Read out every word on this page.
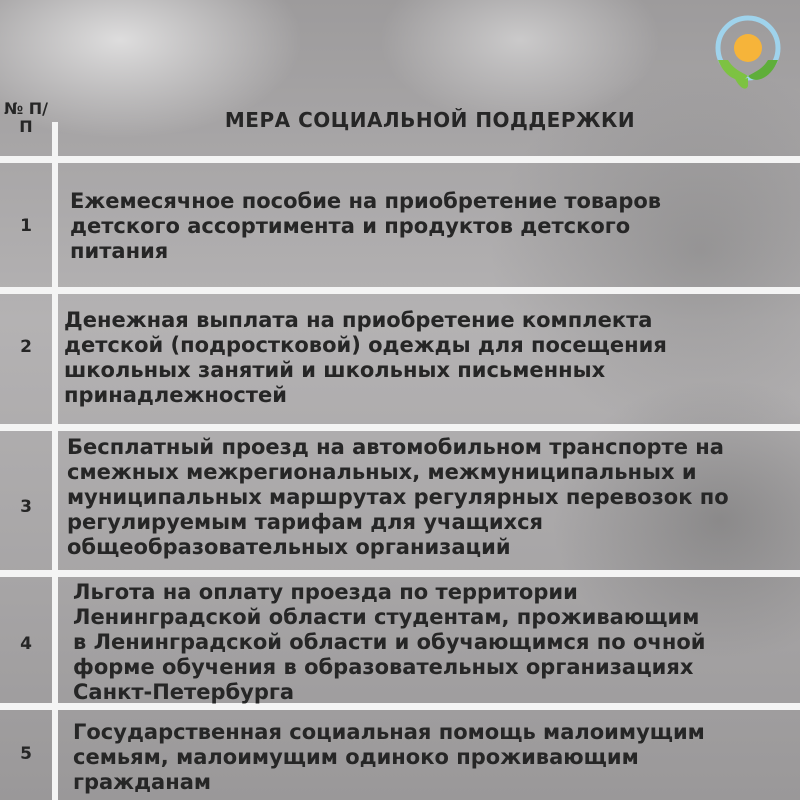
№ П/П	МЕРА СОЦИАЛЬНОЙ ПОДДЕРЖКИ
1
Ежемесячное пособие на приобретение товаров
детского ассортимента и продуктов детского
питания
2
Денежная выплата на приобретение комплекта
детской (подростковой) одежды для посещения
школьных занятий и школьных письменных
принадлежностей
3
Бесплатный проезд на автомобильном транспорте на
смежных межрегиональных, межмуниципальных и
муниципальных маршрутах регулярных перевозок по
регулируемым тарифам для учащихся
общеобразовательных организаций
4
Льгота на оплату проезда по территории
Ленинградской области студентам, проживающим
в Ленинградской области и обучающимся по очной
форме обучения в образовательных организациях
Санкт-Петербурга
5
Государственная социальная помощь малоимущим
семьям, малоимущим одиноко проживающим
гражданам
